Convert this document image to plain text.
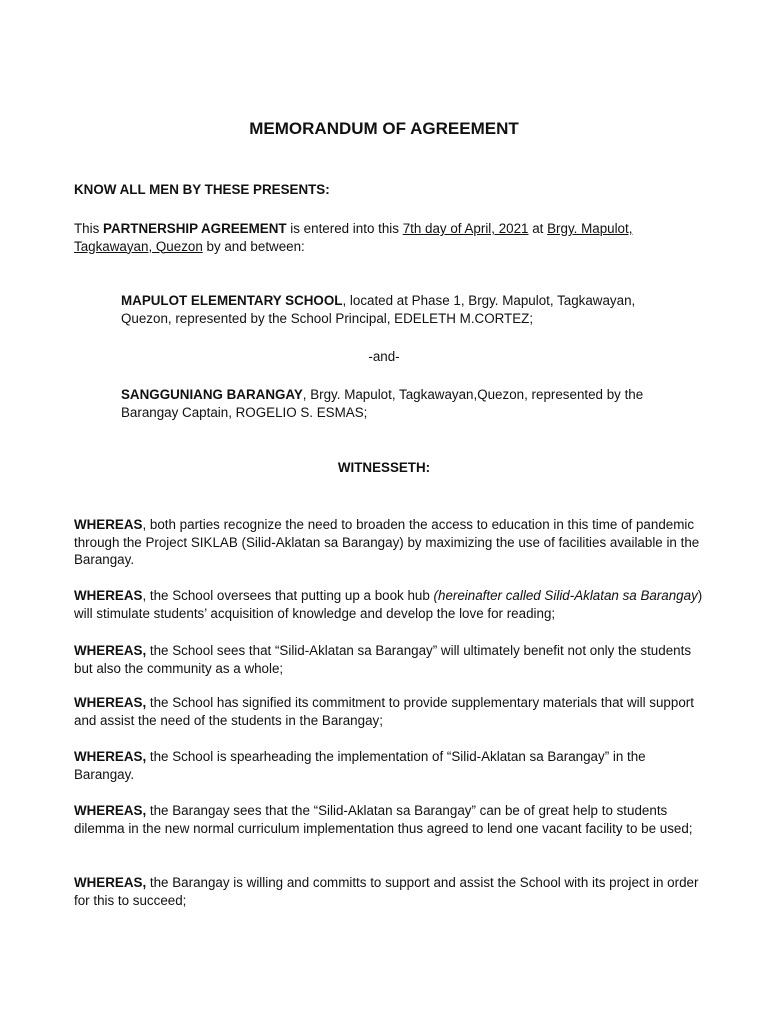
MEMORANDUM OF AGREEMENT
KNOW ALL MEN BY THESE PRESENTS:
This PARTNERSHIP AGREEMENT is entered into this 7th day of April, 2021 at Brgy. Mapulot, Tagkawayan, Quezon by and between:
MAPULOT ELEMENTARY SCHOOL, located at Phase 1, Brgy. Mapulot, Tagkawayan, Quezon, represented by the School Principal, EDELETH M.CORTEZ;
-and-
SANGGUNIANG BARANGAY, Brgy. Mapulot, Tagkawayan,Quezon, represented by the Barangay Captain, ROGELIO S. ESMAS;
WITNESSETH:
WHEREAS, both parties recognize the need to broaden the access to education in this time of pandemic through the Project SIKLAB (Silid-Aklatan sa Barangay) by maximizing the use of facilities available in the Barangay.
WHEREAS, the School oversees that putting up a book hub (hereinafter called Silid-Aklatan sa Barangay) will stimulate students’ acquisition of knowledge and develop the love for reading;
WHEREAS, the School sees that “Silid-Aklatan sa Barangay” will ultimately benefit not only the students but also the community as a whole;
WHEREAS, the School has signified its commitment to provide supplementary materials that will support and assist the need of the students in the Barangay;
WHEREAS, the School is spearheading the implementation of “Silid-Aklatan sa Barangay” in the Barangay.
WHEREAS, the Barangay sees that the “Silid-Aklatan sa Barangay” can be of great help to students dilemma in the new normal curriculum implementation thus agreed to lend one vacant facility to be used;
WHEREAS, the Barangay is willing and committs to support and assist the School with its project in order for this to succeed;
